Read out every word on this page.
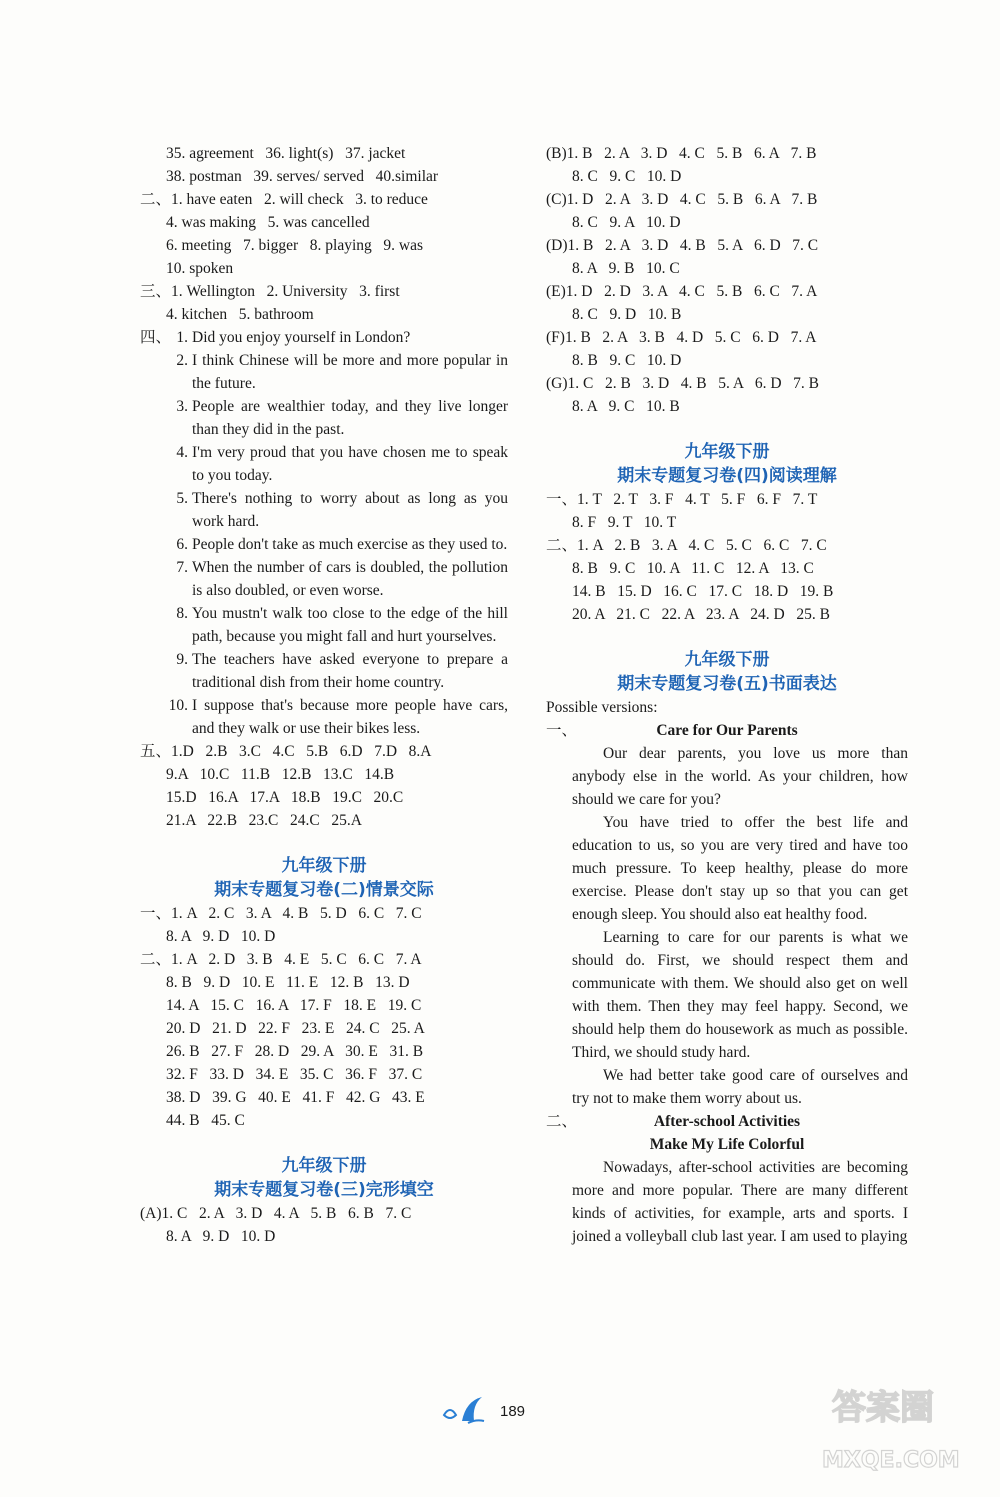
35. agreement   36. light(s)   37. jacket
38. postman   39. serves/ served   40.similar
二、1. have eaten   2. will check   3. to reduce
4. was making   5. was cancelled
6. meeting   7. bigger   8. playing   9. was
10. spoken
三、1. Wellington   2. University   3. first
4. kitchen   5. bathroom
四、 1. Did you enjoy yourself in London?
2. I think Chinese will be more and more popular in the future.
3. People are wealthier today, and they live longer than they did in the past.
4. I'm very proud that you have chosen me to speak to you today.
5. There's nothing to worry about as long as you work hard.
6. People don't take as much exercise as they used to.
7. When the number of cars is doubled, the pollution is also doubled, or even worse.
8. You mustn't walk too close to the edge of the hill path, because you might fall and hurt yourselves.
9. The teachers have asked everyone to prepare a traditional dish from their home country.
10. I suppose that's because more people have cars, and they walk or use their bikes less.
五、1.D   2.B   3.C   4.C   5.B   6.D   7.D   8.A
9.A   10.C   11.B   12.B   13.C   14.B
15.D   16.A   17.A   18.B   19.C   20.C
21.A   22.B   23.C   24.C   25.A
九年级下册
期末专题复习卷(二)情景交际
一、1. A   2. C   3. A   4. B   5. D   6. C   7. C
8. A   9. D   10. D
二、1. A   2. D   3. B   4. E   5. C   6. C   7. A
8. B   9. D   10. E   11. E   12. B   13. D
14. A   15. C   16. A   17. F   18. E   19. C
20. D   21. D   22. F   23. E   24. C   25. A
26. B   27. F   28. D   29. A   30. E   31. B
32. F   33. D   34. E   35. C   36. F   37. C
38. D   39. G   40. E   41. F   42. G   43. E
44. B   45. C
九年级下册
期末专题复习卷(三)完形填空
(A)1. C   2. A   3. D   4. A   5. B   6. B   7. C
8. A   9. D   10. D
(B)1. B   2. A   3. D   4. C   5. B   6. A   7. B
8. C   9. C   10. D
(C)1. D   2. A   3. D   4. C   5. B   6. A   7. B
8. C   9. A   10. D
(D)1. B   2. A   3. D   4. B   5. A   6. D   7. C
8. A   9. B   10. C
(E)1. D   2. D   3. A   4. C   5. B   6. C   7. A
8. C   9. D   10. B
(F)1. B   2. A   3. B   4. D   5. C   6. D   7. A
8. B   9. C   10. D
(G)1. C   2. B   3. D   4. B   5. A   6. D   7. B
8. A   9. C   10. B
九年级下册
期末专题复习卷(四)阅读理解
一、1. T   2. T   3. F   4. T   5. F   6. F   7. T
8. F   9. T   10. T
二、1. A   2. B   3. A   4. C   5. C   6. C   7. C
8. B   9. C   10. A   11. C   12. A   13. C
14. B   15. D   16. C   17. C   18. D   19. B
20. A   21. C   22. A   23. A   24. D   25. B
九年级下册
期末专题复习卷(五)书面表达
Possible versions:
一、	Care for Our Parents
Our dear parents, you love us more than anybody else in the world. As your children, how should we care for you?
You have tried to offer the best life and education to us, so you are very tired and have too much pressure. To keep healthy, please do more exercise. Please don't stay up so that you can get enough sleep. You should also eat healthy food.
Learning to care for our parents is what we should do. First, we should respect them and communicate with them. We should also get on well with them. Then they may feel happy. Second, we should help them do housework as much as possible. Third, we should study hard.
We had better take good care of ourselves and try not to make them worry about us.
二、	After-school Activities
Make My Life Colorful
Nowadays, after-school activities are becoming more and more popular. There are many different kinds of activities, for example, arts and sports. I joined a volleyball club last year. I am used to playing
189	答案圈
MXQE.COM
